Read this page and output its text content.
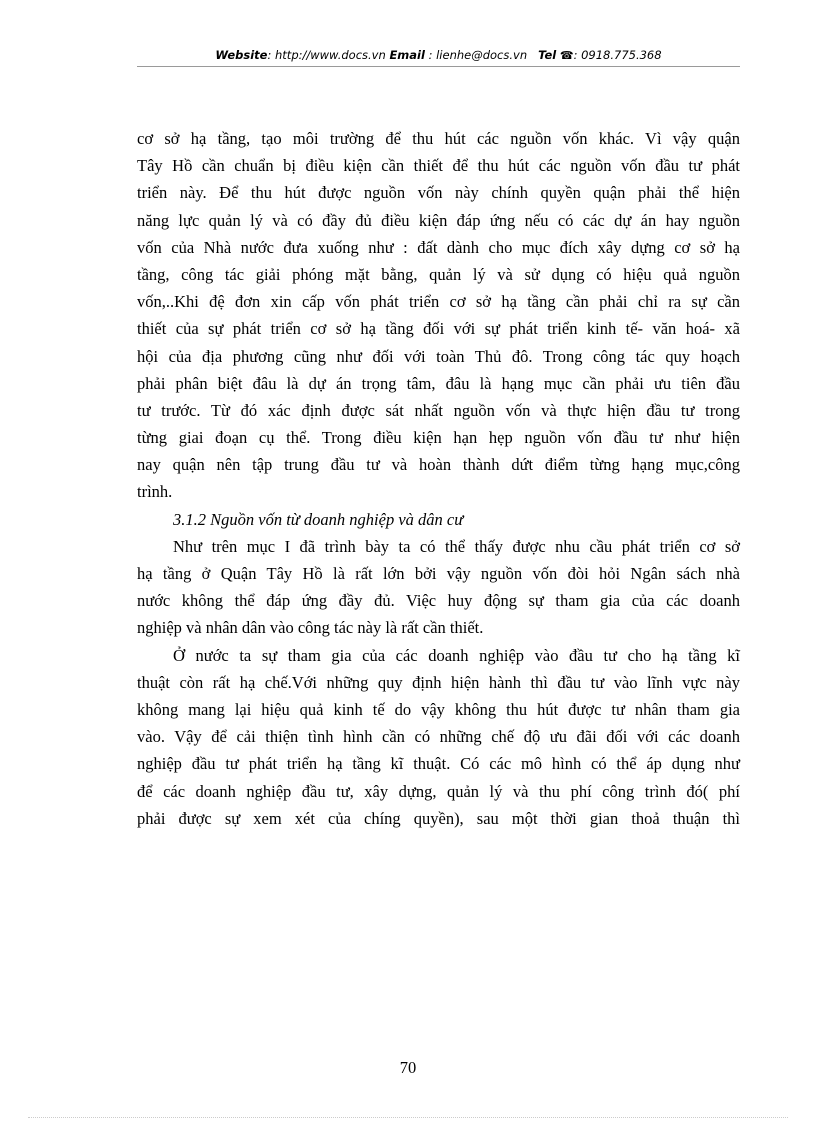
Website: http://www.docs.vn Email : lienhe@docs.vn Tel ☎: 0918.775.368
cơ sở hạ tầng, tạo môi trường để thu hút các nguồn vốn khác. Vì vậy quận
Tây Hồ cần chuẩn bị điều kiện cần thiết để thu hút các nguồn vốn đầu tư phát
triển này. Để thu hút được nguồn vốn này chính quyền quận phải thể hiện
năng lực quản lý và có đầy đủ điều kiện đáp ứng nếu có các dự án hay nguồn
vốn của Nhà nước đưa xuống như : đất dành cho mục đích xây dựng cơ sở hạ
tầng, công tác giải phóng mặt bằng, quản lý và sử dụng có hiệu quả nguồn
vốn,..Khi đệ đơn xin cấp vốn phát triển cơ sở hạ tầng cần phải chỉ ra sự cần
thiết của sự phát triển cơ sở hạ tầng đối với sự phát triển kinh tế- văn hoá- xã
hội của địa phương cũng như đối với toàn Thủ đô. Trong công tác quy hoạch
phải phân biệt đâu là dự án trọng tâm, đâu là hạng mục cần phải ưu tiên đầu
tư trước. Từ đó xác định được sát nhất nguồn vốn và thực hiện đầu tư trong
từng giai đoạn cụ thể. Trong điều kiện hạn hẹp nguồn vốn đầu tư như hiện
nay quận nên tập trung đầu tư và hoàn thành dứt điểm từng hạng mục,công
trình.
3.1.2 Nguồn vốn từ doanh nghiệp và dân cư
Như trên mục I đã trình bày ta có thể thấy được nhu cầu phát triển cơ sở
hạ tầng ở Quận Tây Hồ là rất lớn bởi vậy nguồn vốn đòi hỏi Ngân sách nhà
nước không thể đáp ứng đầy đủ. Việc huy động sự tham gia của các doanh
nghiệp và nhân dân vào công tác này là rất cần thiết.
Ở nước ta sự tham gia của các doanh nghiệp vào đầu tư cho hạ tầng kĩ
thuật còn rất hạ chế.Với những quy định hiện hành thì đầu tư vào lĩnh vực này
không mang lại hiệu quả kinh tế do vậy không thu hút được tư nhân tham gia
vào. Vậy để cải thiện tình hình cần có những chế độ ưu đãi đối với các doanh
nghiệp đầu tư phát triển hạ tầng kĩ thuật. Có các mô hình có thể áp dụng như
để các doanh nghiệp đầu tư, xây dựng, quản lý và thu phí công trình đó( phí
phải được sự xem xét của chíng quyền), sau một thời gian thoả thuận thì
70
